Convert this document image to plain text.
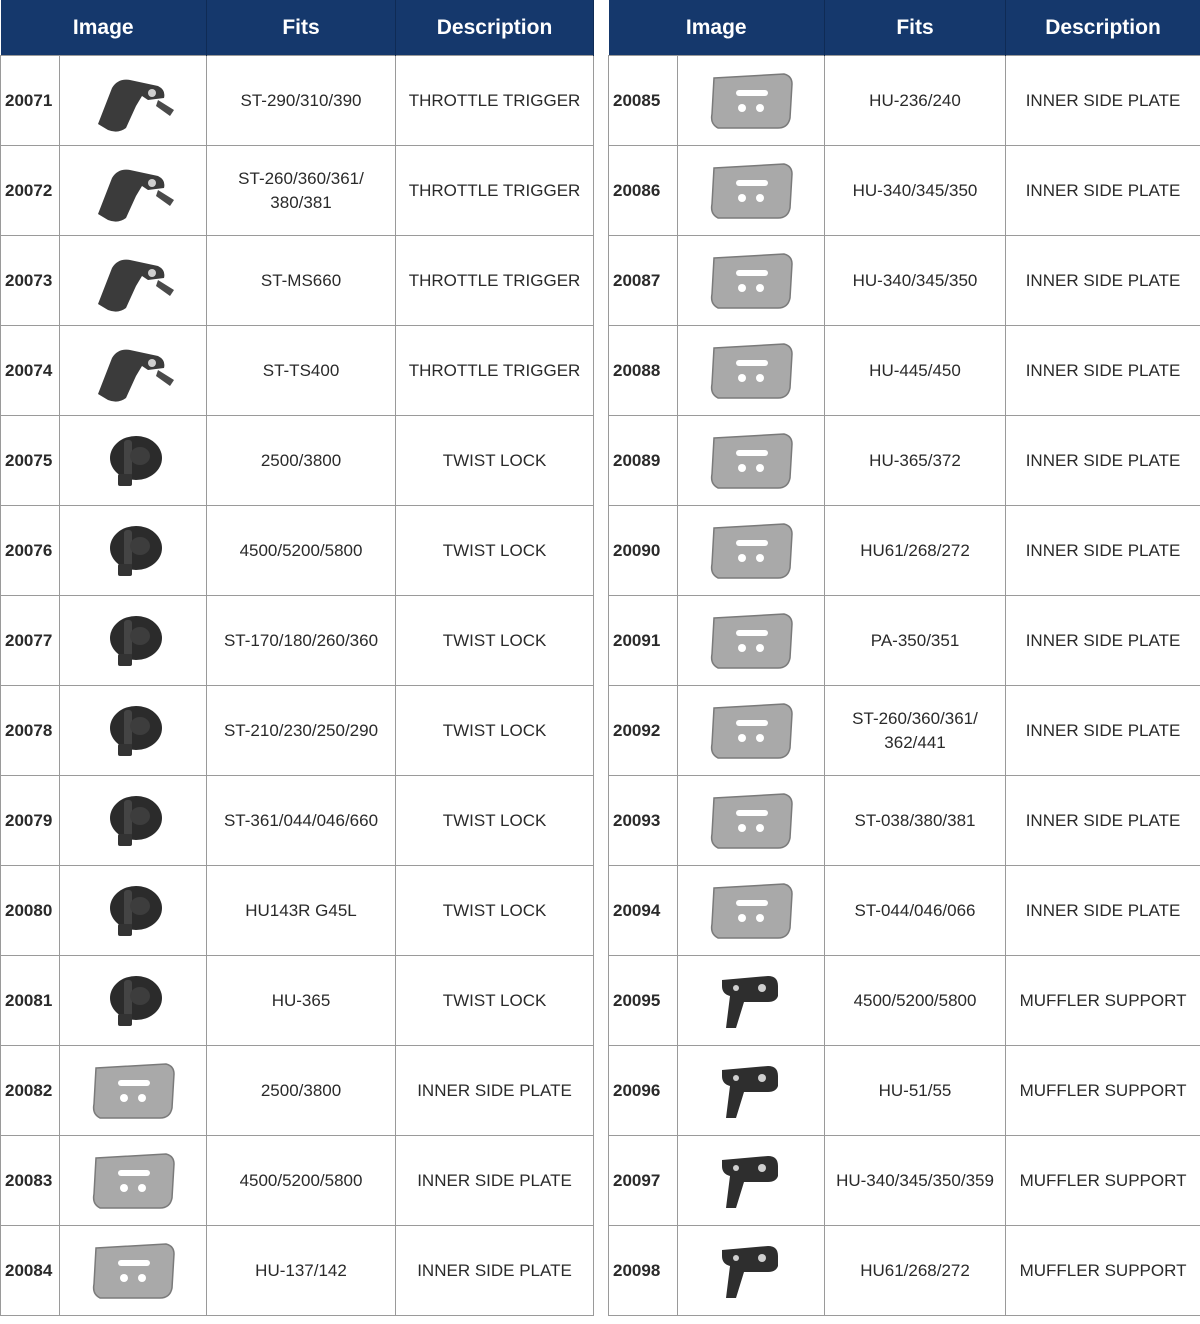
Image		Fits	Description
20071		ST-290/310/390	THROTTLE TRIGGER
20072		ST-260/360/361/ 380/381	THROTTLE TRIGGER
20073		ST-MS660	THROTTLE TRIGGER
20074		ST-TS400	THROTTLE TRIGGER
20075		2500/3800	TWIST LOCK
20076		4500/5200/5800	TWIST LOCK
20077		ST-170/180/260/360	TWIST LOCK
20078		ST-210/230/250/290	TWIST LOCK
20079		ST-361/044/046/660	TWIST LOCK
20080		HU143R G45L	TWIST LOCK
20081		HU-365	TWIST LOCK
20082		2500/3800	INNER SIDE PLATE
20083		4500/5200/5800	INNER SIDE PLATE
20084		HU-137/142	INNER SIDE PLATE
Image		Fits	Description
20085		HU-236/240	INNER SIDE PLATE
20086		HU-340/345/350	INNER SIDE PLATE
20087		HU-340/345/350	INNER SIDE PLATE
20088		HU-445/450	INNER SIDE PLATE
20089		HU-365/372	INNER SIDE PLATE
20090		HU61/268/272	INNER SIDE PLATE
20091		PA-350/351	INNER SIDE PLATE
20092		ST-260/360/361/ 362/441	INNER SIDE PLATE
20093		ST-038/380/381	INNER SIDE PLATE
20094		ST-044/046/066	INNER SIDE PLATE
20095		4500/5200/5800	MUFFLER SUPPORT
20096		HU-51/55	MUFFLER SUPPORT
20097		HU-340/345/350/359	MUFFLER SUPPORT
20098		HU61/268/272	MUFFLER SUPPORT
